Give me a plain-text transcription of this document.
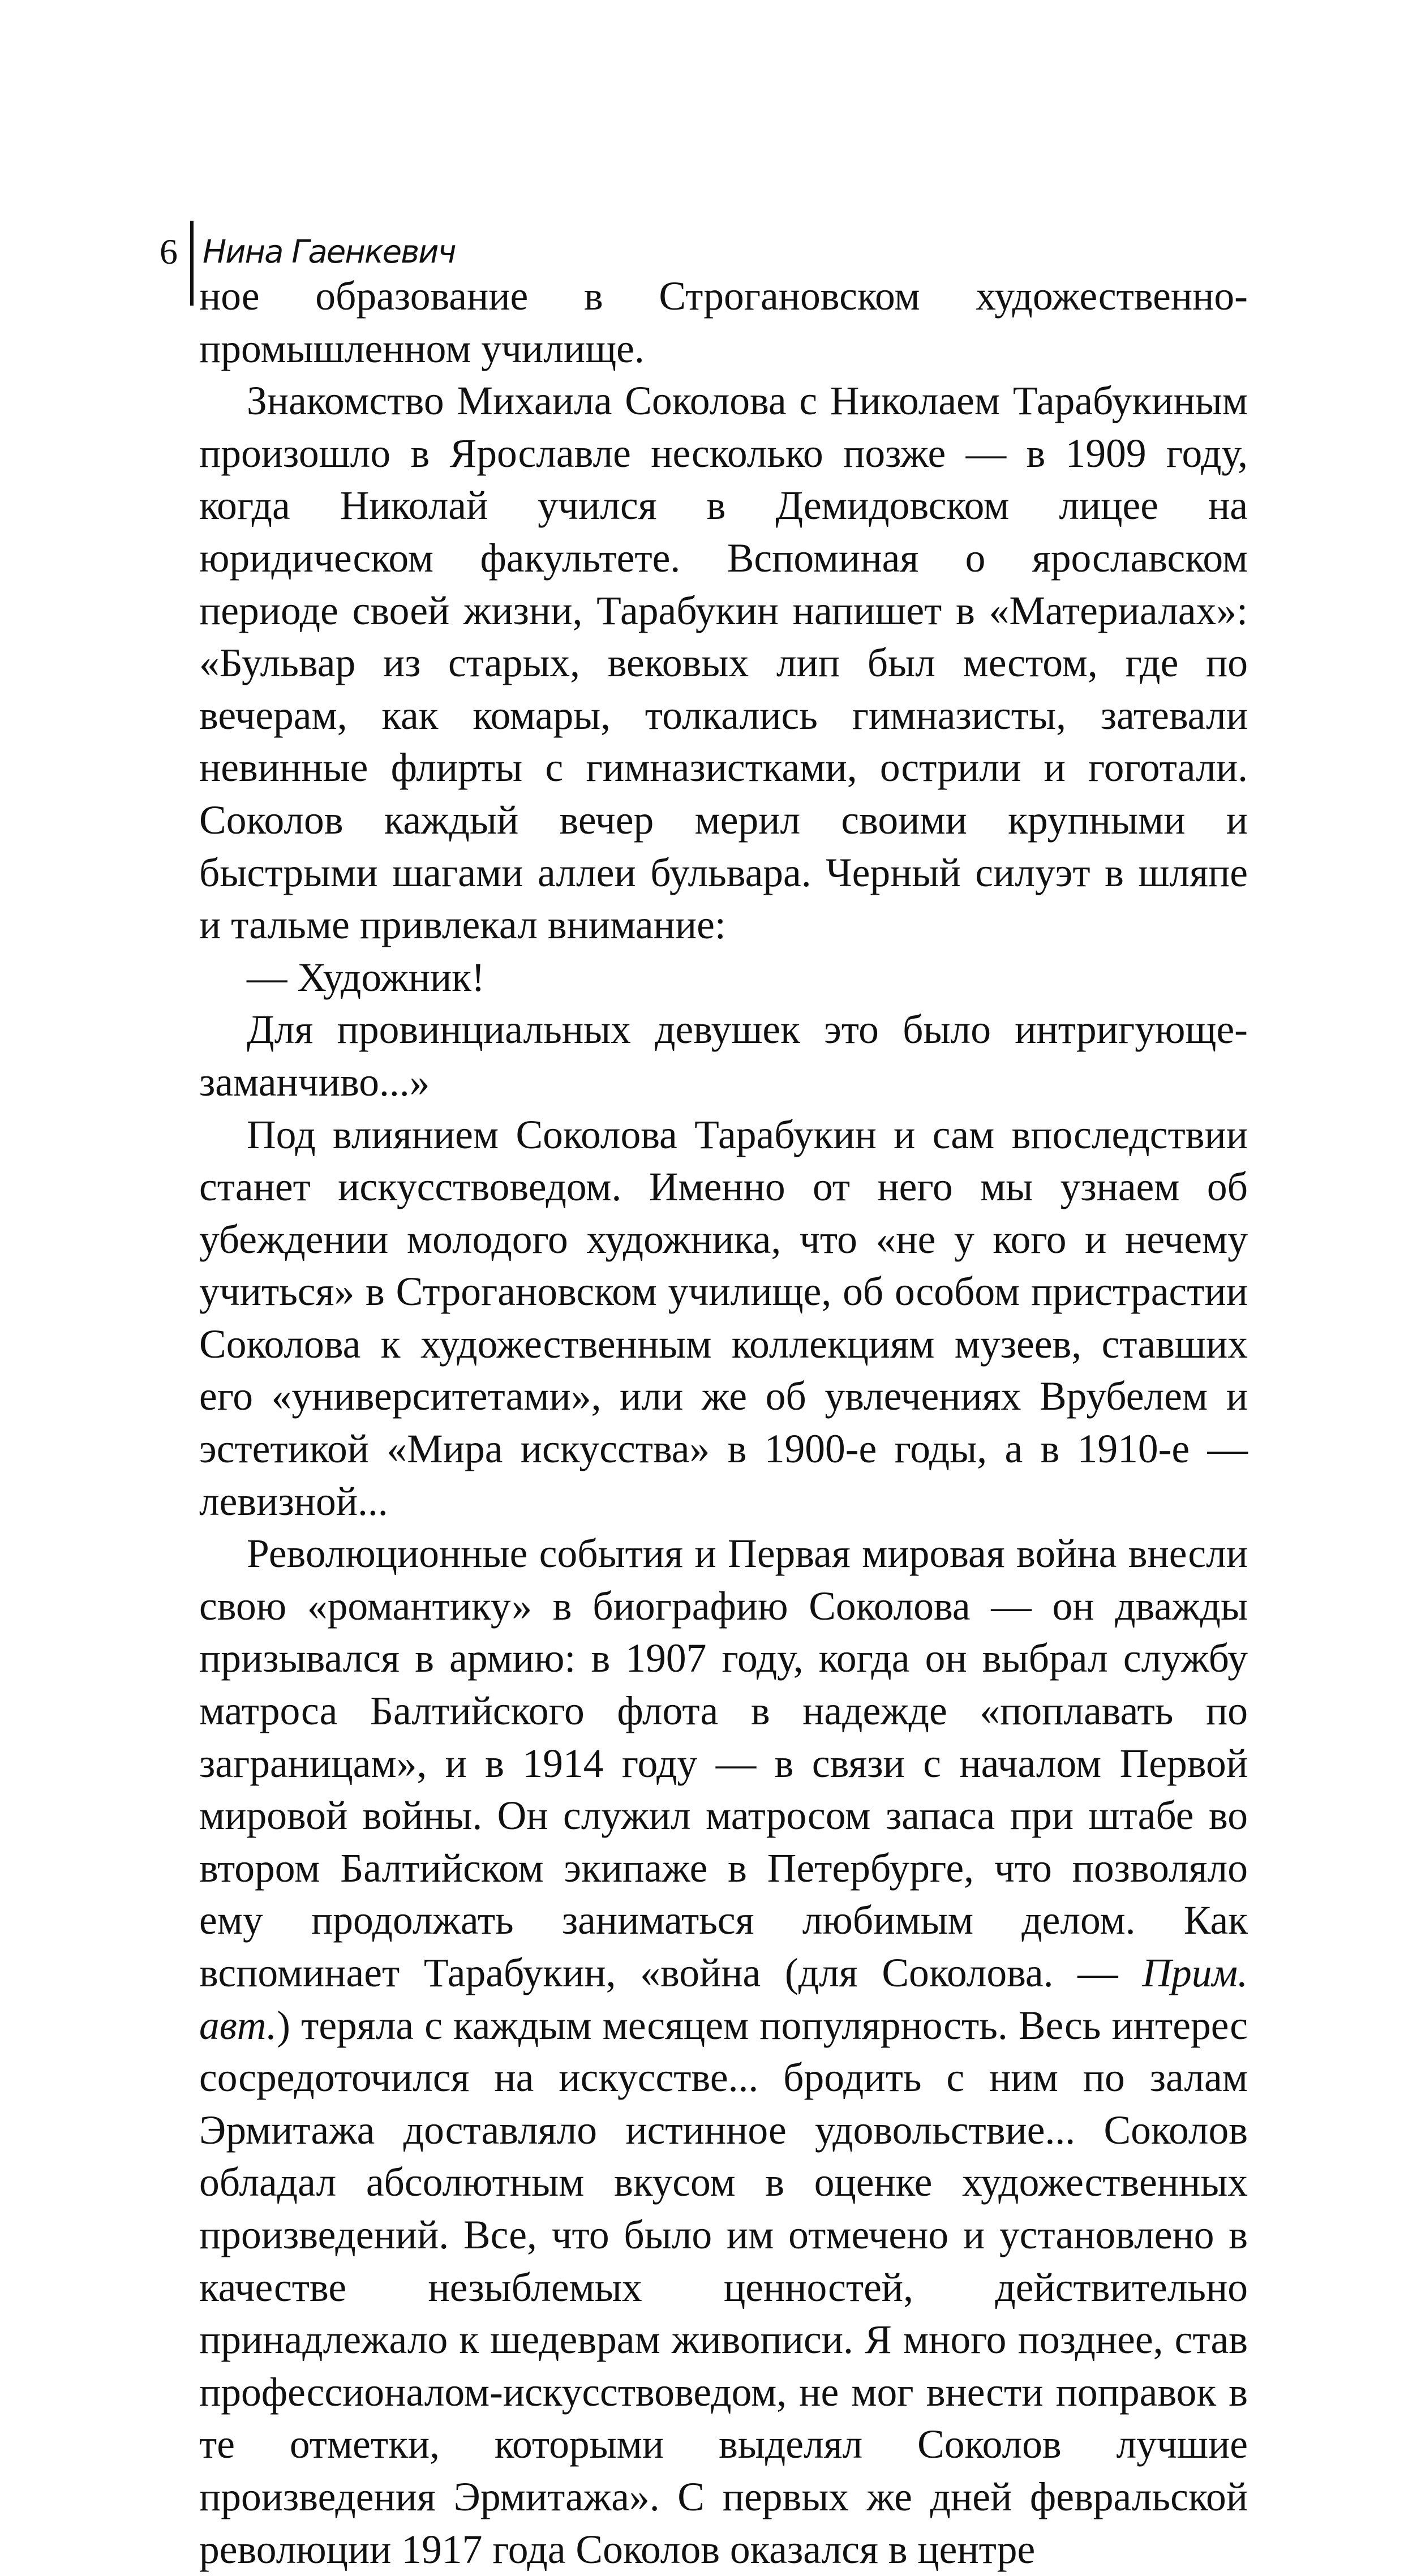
6 Нина Гаенкевич

ное образование в Строгановском художественно-промышленном училище.

Знакомство Михаила Соколова с Николаем Тарабукиным произошло в Ярославле несколько позже — в 1909 году, когда Николай учился в Демидовском лицее на юридическом факультете. Вспоминая о ярославском периоде своей жизни, Тарабукин напишет в «Материалах»: «Бульвар из старых, вековых лип был местом, где по вечерам, как комары, толкались гимназисты, затевали невинные флирты с гимназистками, острили и гоготали. Соколов каждый вечер мерил своими крупными и быстрыми шагами аллеи бульвара. Черный силуэт в шляпе и тальме привлекал внимание:

— Художник!

Для провинциальных девушек это было интригующе-заманчиво...»

Под влиянием Соколова Тарабукин и сам впоследствии станет искусствоведом. Именно от него мы узнаем об убеждении молодого художника, что «не у кого и нечему учиться» в Строгановском училище, об особом пристрастии Соколова к художественным коллекциям музеев, ставших его «университетами», или же об увлечениях Врубелем и эстетикой «Мира искусства» в 1900-е годы, а в 1910-е — левизной...

Революционные события и Первая мировая война внесли свою «романтику» в биографию Соколова — он дважды призывался в армию: в 1907 году, когда он выбрал службу матроса Балтийского флота в надежде «поплавать по заграницам», и в 1914 году — в связи с началом Первой мировой войны. Он служил матросом запаса при штабе во втором Балтийском экипаже в Петербурге, что позволяло ему продолжать заниматься любимым делом. Как вспоминает Тарабукин, «война (для Соколова. — Прим. авт.) теряла с каждым месяцем популярность. Весь интерес сосредоточился на искусстве... бродить с ним по залам Эрмитажа доставляло истинное удовольствие... Соколов обладал абсолютным вкусом в оценке художественных произведений. Все, что было им отмечено и установлено в качестве незыблемых ценностей, действительно принадлежало к шедеврам живописи. Я много позднее, став профессионалом-искусствоведом, не мог внести поправок в те отметки, которыми выделял Соколов лучшие произведения Эрмитажа». С первых же дней февральской революции 1917 года Соколов оказался в центре
